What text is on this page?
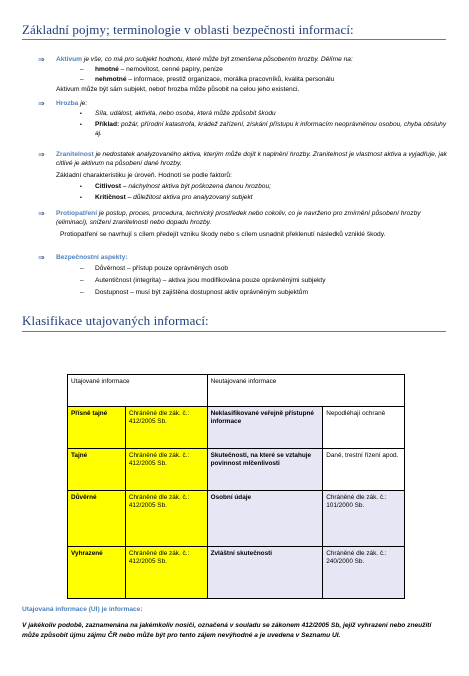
Základní pojmy; terminologie v oblasti bezpečnosti informací:
⇒ Aktivum je vše, co má pro subjekt hodnotu, které může být zmenšena působením hrozby. Dělíme na:
– hmotné – nemovitost, cenné papíry, peníze
– nehmotné – informace, prestiž organizace, morálka pracovníků, kvalita personálu
Aktivum může být sám subjekt, neboť hrozba může působit na celou jeho existenci.
⇒ Hrozba je:
▪ Síla, událost, aktivita, nebo osoba, která může způsobit škodu
▪ Příklad: požár, přírodní katastrofa, krádež zařízení, získání přístupu k informacím neoprávněnou osobou, chyba obsluhy aj.
⇒ Zranitelnost je nedostatek analyzovaného aktiva, kterým může dojít k naplnění hrozby. Zranitelnost je vlastnost aktiva a vyjadřuje, jak citlivé je aktivum na působení dané hrozby.
Základní charakteristiku je úroveň. Hodnotí se podle faktorů:
▪ Citlivost – náchylnost aktiva být poškozena danou hrozbou;
▪ Kritičnost – důležitost aktiva pro analyzovaný subjekt
⇒ Protiopatření je postup, proces, procedura, technický prostředek nebo cokoliv, co je navrženo pro zmírnění působení hrozby (eliminaci), snížení zranitelnosti nebo dopadu hrozby.
Protiopatření se navrhují s cílem předejít vzniku škody nebo s cílem usnadnit překlenutí následků vzniklé škody.
⇒ Bezpečnostní aspekty:
– Důvěrnost – přístup pouze oprávněných osob
– Autentičnost (integrita) – aktiva jsou modifikována pouze oprávněnými subjekty
– Dostupnost – musí být zajištěna dostupnost aktiv oprávněným subjektům
Klasifikace utajovaných informací:
Utajované informace		Neutajované informace	
Přísně tajné	Chráněné dle zák. č.: 412/2005 Sb.	Neklasifikované veřejně přístupné informace	Nepodléhají ochraně
Tajné	Chráněné dle zák. č.: 412/2005 Sb.	Skutečnosti, na které se vztahuje povinnost mlčenlivosti	Daně, trestní řízení apod.
Důvěrné	Chráněné dle zák. č.: 412/2005 Sb.	Osobní údaje	Chráněné dle zák. č.: 101/2000 Sb.
Vyhrazené	Chráněné dle zák. č.: 412/2005 Sb.	Zvláštní skutečnosti	Chráněné dle zák. č.: 240/2000 Sb.
Utajovaná informace (UI) je informace:
V jakékoliv podobě, zaznamenána na jakémkoliv nosiči, označená v souladu se zákonem 412/2005 Sb, jejíž vyhrazení nebo zneužití může způsobit újmu zájmu ČR nebo může být pro tento zájem nevýhodné a je uvedena v Seznamu UI.
